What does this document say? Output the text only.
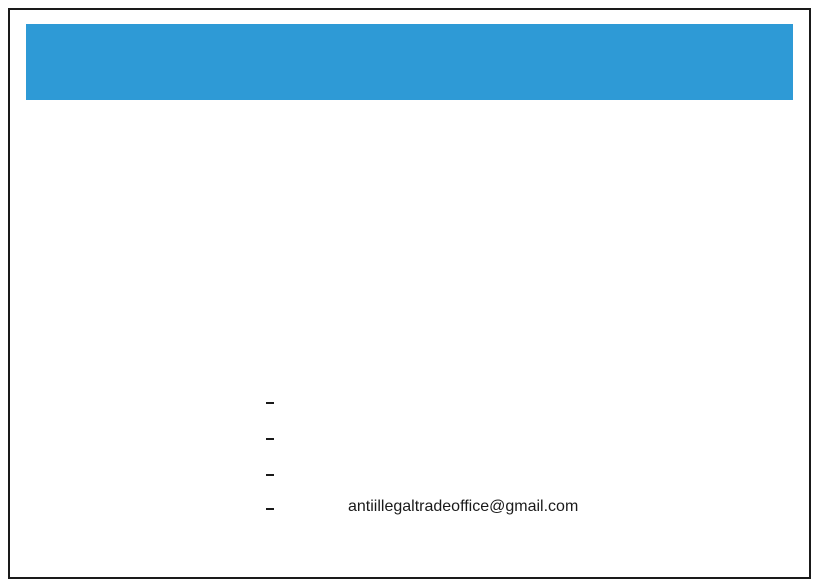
antiillegaltradeoffice@gmail.com
